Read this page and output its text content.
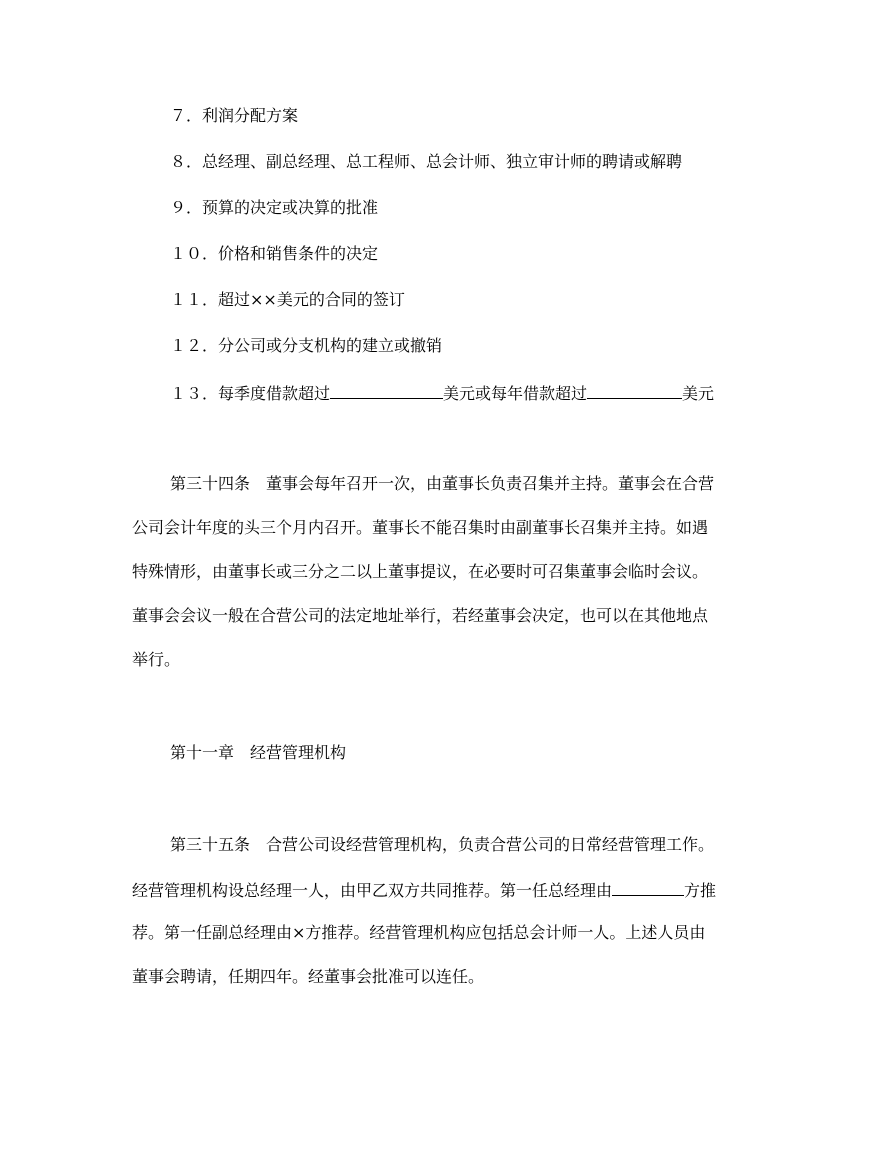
７．利润分配方案
８．总经理、副总经理、总工程师、总会计师、独立审计师的聘请或解聘
９．预算的决定或决算的批准
１０．价格和销售条件的决定
１１．超过××美元的合同的签订
１２．分公司或分支机构的建立或撤销
１３．每季度借款超过	美元或每年借款超过	美元
第三十四条　董事会每年召开一次，由董事长负责召集并主持。董事会在合营
公司会计年度的头三个月内召开。董事长不能召集时由副董事长召集并主持。如遇
特殊情形，由董事长或三分之二以上董事提议，在必要时可召集董事会临时会议。
董事会会议一般在合营公司的法定地址举行，若经董事会决定，也可以在其他地点
举行。
第十一章　经营管理机构
第三十五条　合营公司设经营管理机构，负责合营公司的日常经营管理工作。
经营管理机构设总经理一人，由甲乙双方共同推荐。第一任总经理由	方推
荐。第一任副总经理由×方推荐。经营管理机构应包括总会计师一人。上述人员由
董事会聘请，任期四年。经董事会批准可以连任。
